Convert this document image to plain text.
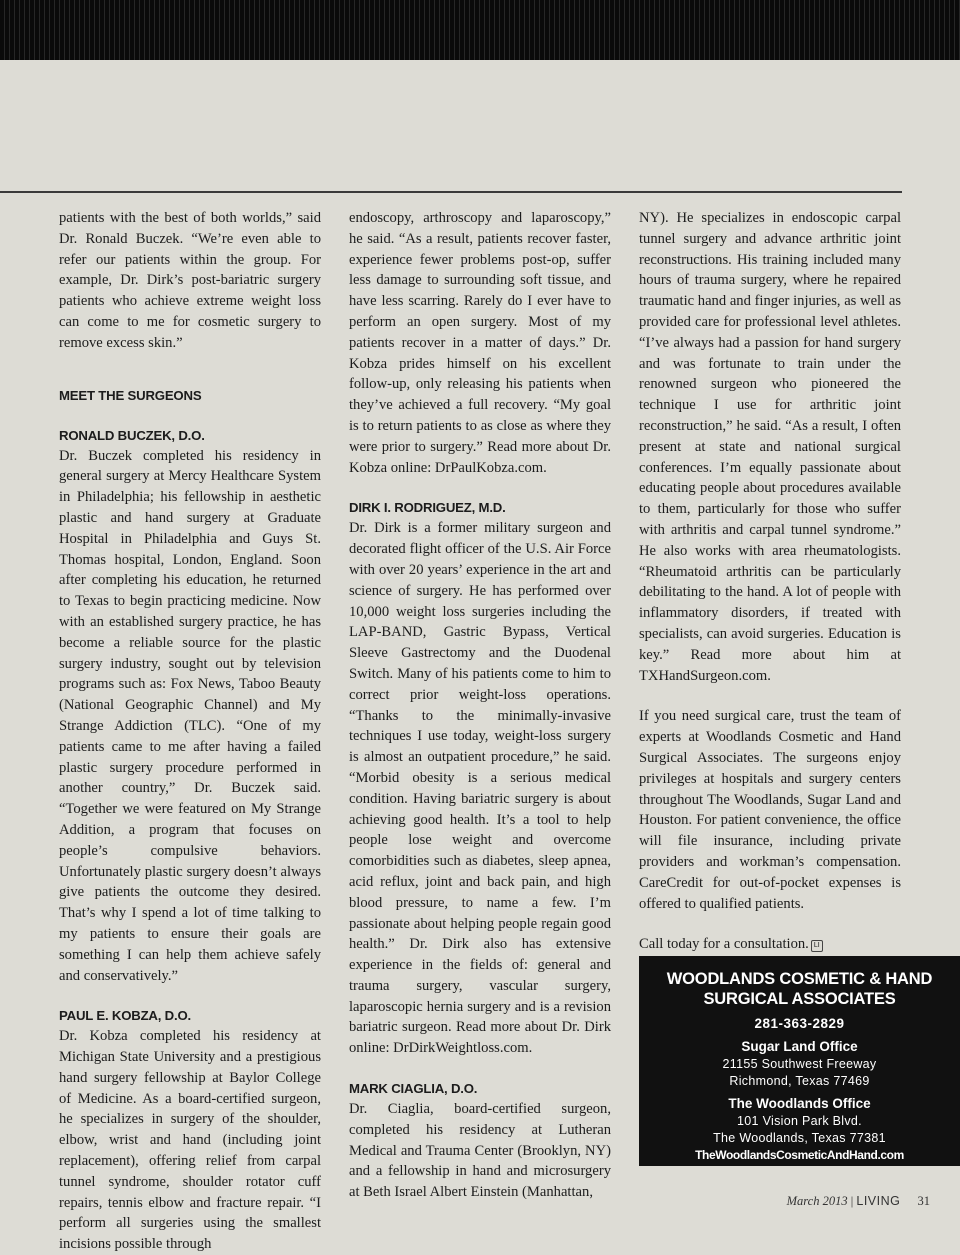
patients with the best of both worlds,” said Dr. Ronald Buczek. “We’re even able to refer our patients within the group. For example, Dr. Dirk’s post-bariatric surgery patients who achieve extreme weight loss can come to me for cosmetic surgery to remove excess skin.”

MEET THE SURGEONS

RONALD BUCZEK, D.O.

Dr. Buczek completed his residency in general surgery at Mercy Healthcare System in Philadelphia; his fellowship in aesthetic plastic and hand surgery at Graduate Hospital in Philadelphia and Guys St. Thomas hospital, London, England. Soon after completing his education, he returned to Texas to begin practicing medicine. Now with an established surgery practice, he has become a reliable source for the plastic surgery industry, sought out by television programs such as: Fox News, Taboo Beauty (National Geographic Channel) and My Strange Addiction (TLC). “One of my patients came to me after having a failed plastic surgery procedure performed in another country,” Dr. Buczek said. “Together we were featured on My Strange Addition, a program that focuses on people’s compulsive behaviors. Unfortunately plastic surgery doesn’t always give patients the outcome they desired. That’s why I spend a lot of time talking to my patients to ensure their goals are something I can help them achieve safely and conservatively.”

PAUL E. KOBZA, D.O.

Dr. Kobza completed his residency at Michigan State University and a prestigious hand surgery fellowship at Baylor College of Medicine. As a board-certified surgeon, he specializes in surgery of the shoulder, elbow, wrist and hand (including joint replacement), offering relief from carpal tunnel syndrome, shoulder rotator cuff repairs, tennis elbow and fracture repair. “I perform all surgeries using the smallest incisions possible through

endoscopy, arthroscopy and laparoscopy,” he said. “As a result, patients recover faster, experience fewer problems post-op, suffer less damage to surrounding soft tissue, and have less scarring. Rarely do I ever have to perform an open surgery. Most of my patients recover in a matter of days.” Dr. Kobza prides himself on his excellent follow-up, only releasing his patients when they’ve achieved a full recovery. “My goal is to return patients to as close as where they were prior to surgery.” Read more about Dr. Kobza online: DrPaulKobza.com.

DIRK I. RODRIGUEZ, M.D.

Dr. Dirk is a former military surgeon and decorated flight officer of the U.S. Air Force with over 20 years’ experience in the art and science of surgery. He has performed over 10,000 weight loss surgeries including the LAP-BAND, Gastric Bypass, Vertical Sleeve Gastrectomy and the Duodenal Switch. Many of his patients come to him to correct prior weight-loss operations. “Thanks to the minimally-invasive techniques I use today, weight-loss surgery is almost an outpatient procedure,” he said. “Morbid obesity is a serious medical condition. Having bariatric surgery is about achieving good health. It’s a tool to help people lose weight and overcome comorbidities such as diabetes, sleep apnea, acid reflux, joint and back pain, and high blood pressure, to name a few. I’m passionate about helping people regain good health.” Dr. Dirk also has extensive experience in the fields of: general and trauma surgery, vascular surgery, laparoscopic hernia surgery and is a revision bariatric surgeon. Read more about Dr. Dirk online: DrDirkWeightloss.com.

MARK CIAGLIA, D.O.

Dr. Ciaglia, board-certified surgeon, completed his residency at Lutheran Medical and Trauma Center (Brooklyn, NY) and a fellowship in hand and microsurgery at Beth Israel Albert Einstein (Manhattan,

NY). He specializes in endoscopic carpal tunnel surgery and advance arthritic joint reconstructions. His training included many hours of trauma surgery, where he repaired traumatic hand and finger injuries, as well as provided care for professional level athletes. “I’ve always had a passion for hand surgery and was fortunate to train under the renowned surgeon who pioneered the technique I use for arthritic joint reconstruction,” he said. “As a result, I often present at state and national surgical conferences. I’m equally passionate about educating people about procedures available to them, particularly for those who suffer with arthritis and carpal tunnel syndrome.” He also works with area rheumatologists. “Rheumatoid arthritis can be particularly debilitating to the hand. A lot of people with inflammatory disorders, if treated with specialists, can avoid surgeries. Education is key.” Read more about him at TXHandSurgeon.com.

If you need surgical care, trust the team of experts at Woodlands Cosmetic and Hand Surgical Associates. The surgeons enjoy privileges at hospitals and surgery centers throughout The Woodlands, Sugar Land and Houston. For patient convenience, the office will file insurance, including private providers and workman’s compensation. CareCredit for out-of-pocket expenses is offered to qualified patients.

Call today for a consultation. LI

WOODLANDS COSMETIC & HAND
SURGICAL ASSOCIATES
281-363-2829
Sugar Land Office
21155 Southwest Freeway
Richmond, Texas 77469
The Woodlands Office
101 Vision Park Blvd.
The Woodlands, Texas 77381
TheWoodlandsCosmeticAndHand.com
March 2013 | LIVING 31
